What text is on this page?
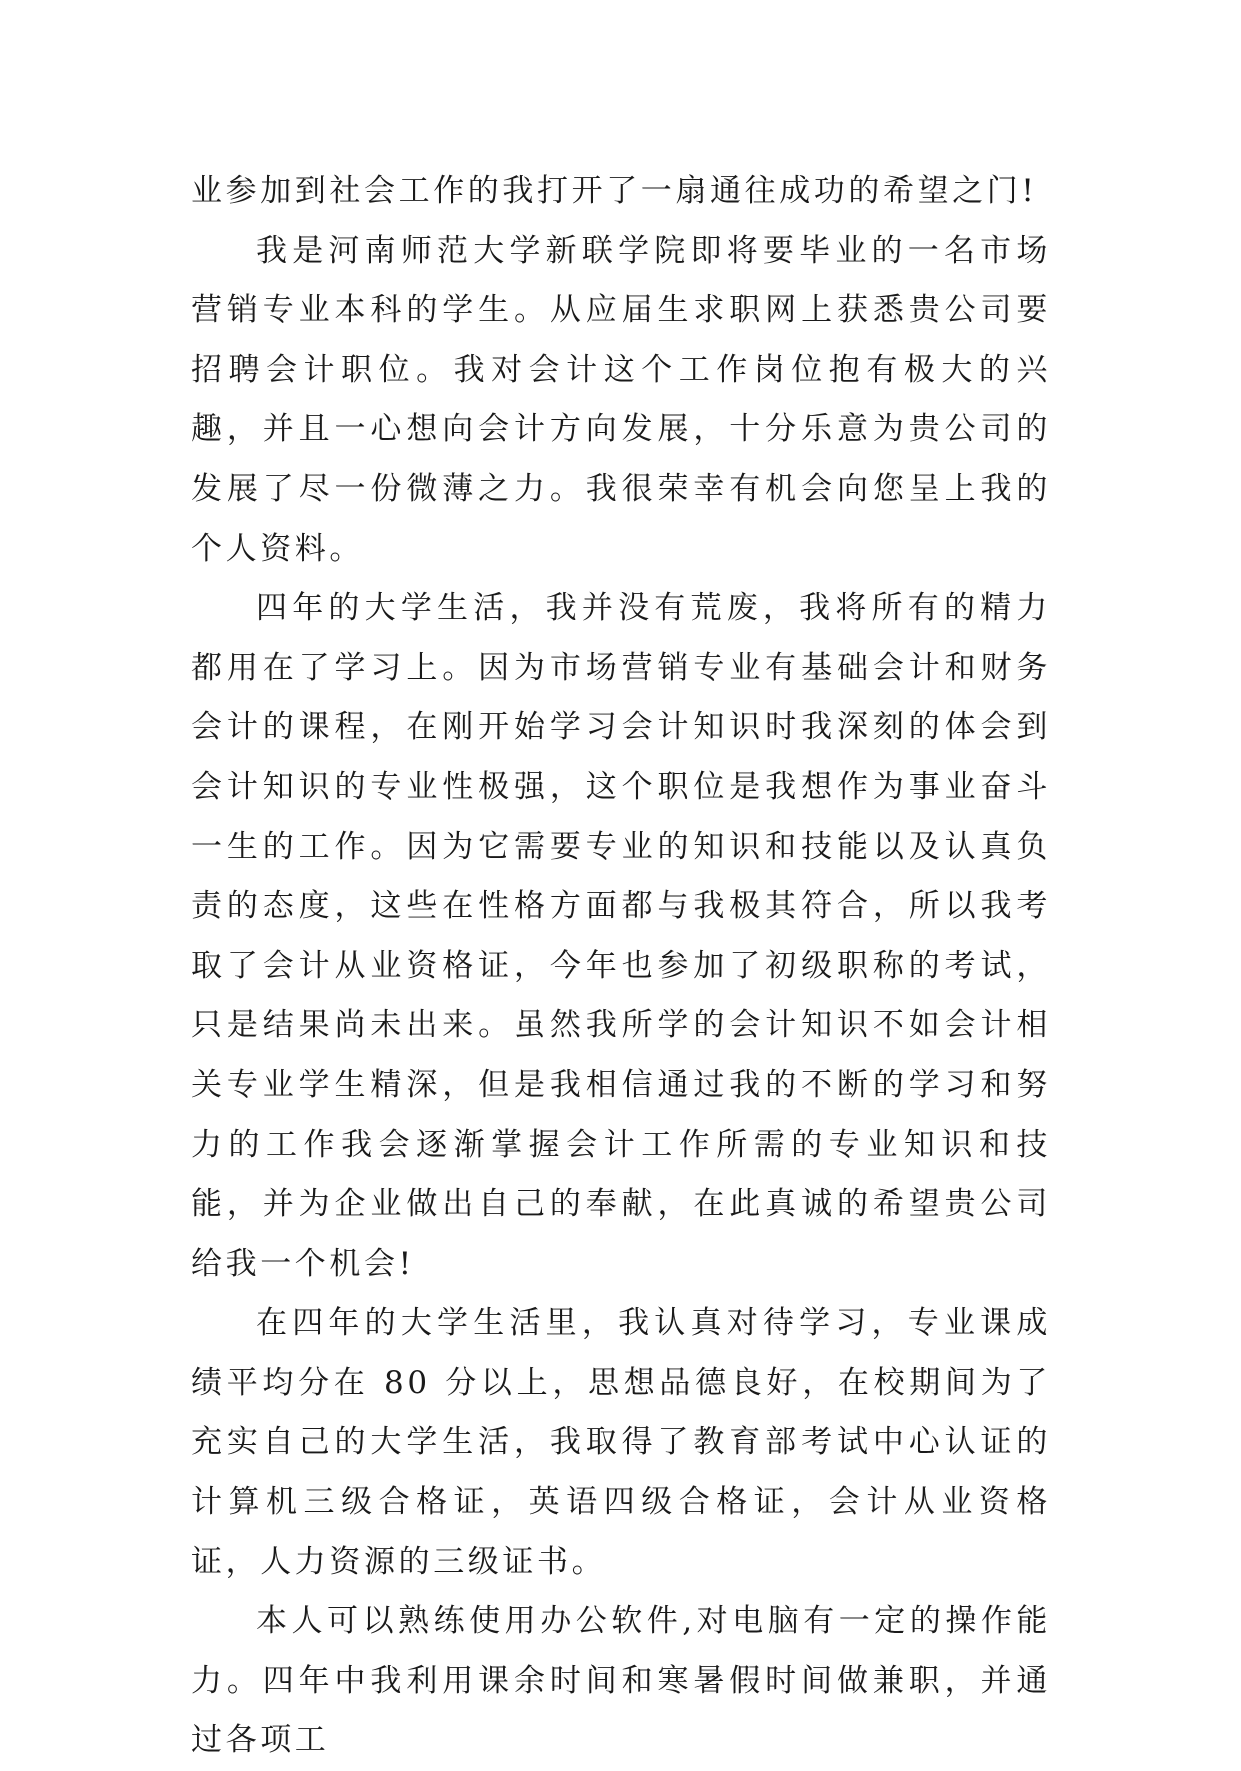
业参加到社会工作的我打开了一扇通往成功的希望之门!

我是河南师范大学新联学院即将要毕业的一名市场营销专业本科的学生。从应届生求职网上获悉贵公司要招聘会计职位。我对会计这个工作岗位抱有极大的兴趣，并且一心想向会计方向发展，十分乐意为贵公司的发展了尽一份微薄之力。我很荣幸有机会向您呈上我的个人资料。

四年的大学生活，我并没有荒废，我将所有的精力都用在了学习上。因为市场营销专业有基础会计和财务会计的课程，在刚开始学习会计知识时我深刻的体会到会计知识的专业性极强，这个职位是我想作为事业奋斗一生的工作。因为它需要专业的知识和技能以及认真负责的态度，这些在性格方面都与我极其符合，所以我考取了会计从业资格证，今年也参加了初级职称的考试，只是结果尚未出来。虽然我所学的会计知识不如会计相关专业学生精深，但是我相信通过我的不断的学习和努力的工作我会逐渐掌握会计工作所需的专业知识和技能，并为企业做出自己的奉献，在此真诚的希望贵公司给我一个机会!

在四年的大学生活里，我认真对待学习，专业课成绩平均分在 80 分以上，思想品德良好，在校期间为了充实自己的大学生活，我取得了教育部考试中心认证的计算机三级合格证，英语四级合格证，会计从业资格证，人力资源的三级证书。

本人可以熟练使用办公软件,对电脑有一定的操作能力。四年中我利用课余时间和寒暑假时间做兼职，并通过各项工
